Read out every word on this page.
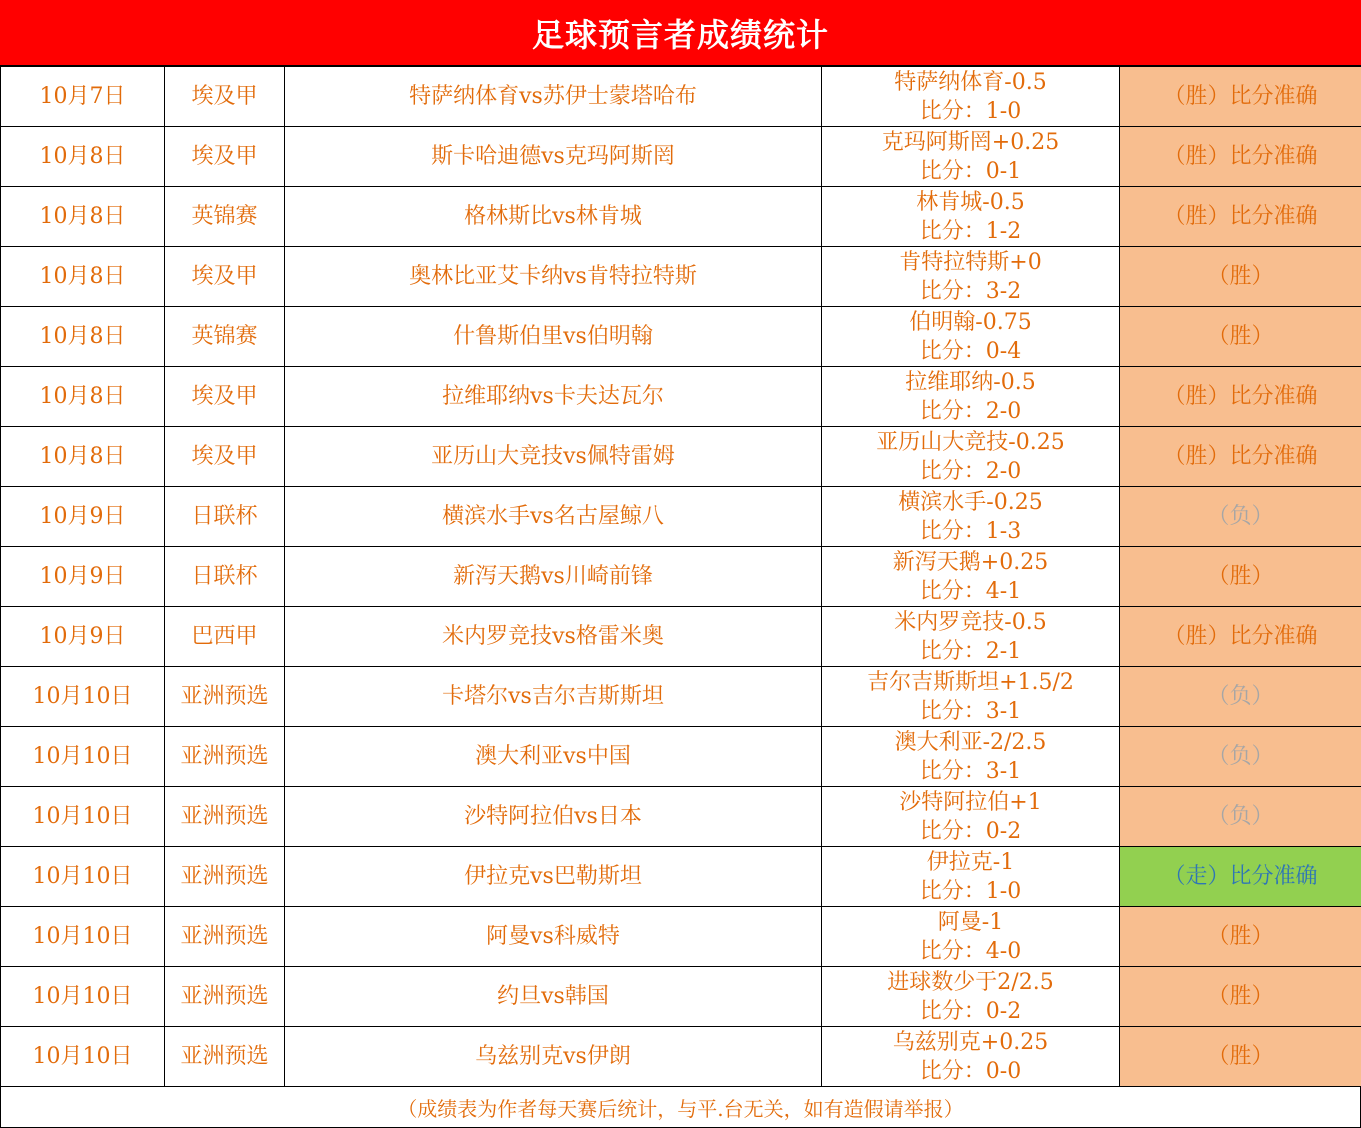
足球预言者成绩统计
10月7日	埃及甲	特萨纳体育vs苏伊士蒙塔哈布	特萨纳体育-0.5
比分：1-0	（胜）比分准确
10月8日	埃及甲	斯卡哈迪德vs克玛阿斯罔	克玛阿斯罔+0.25
比分：0-1	（胜）比分准确
10月8日	英锦赛	格林斯比vs林肯城	林肯城-0.5
比分：1-2	（胜）比分准确
10月8日	埃及甲	奥林比亚艾卡纳vs肯特拉特斯	肯特拉特斯+0
比分：3-2	（胜）
10月8日	英锦赛	什鲁斯伯里vs伯明翰	伯明翰-0.75
比分：0-4	（胜）
10月8日	埃及甲	拉维耶纳vs卡夫达瓦尔	拉维耶纳-0.5
比分：2-0	（胜）比分准确
10月8日	埃及甲	亚历山大竞技vs佩特雷姆	亚历山大竞技-0.25
比分：2-0	（胜）比分准确
10月9日	日联杯	横滨水手vs名古屋鲸八	横滨水手-0.25
比分：1-3	（负）
10月9日	日联杯	新泻天鹅vs川崎前锋	新泻天鹅+0.25
比分：4-1	（胜）
10月9日	巴西甲	米内罗竞技vs格雷米奥	米内罗竞技-0.5
比分：2-1	（胜）比分准确
10月10日	亚洲预选	卡塔尔vs吉尔吉斯斯坦	吉尔吉斯斯坦+1.5/2
比分：3-1	（负）
10月10日	亚洲预选	澳大利亚vs中国	澳大利亚-2/2.5
比分：3-1	（负）
10月10日	亚洲预选	沙特阿拉伯vs日本	沙特阿拉伯+1
比分：0-2	（负）
10月10日	亚洲预选	伊拉克vs巴勒斯坦	伊拉克-1
比分：1-0	（走）比分准确
10月10日	亚洲预选	阿曼vs科威特	阿曼-1
比分：4-0	（胜）
10月10日	亚洲预选	约旦vs韩国	进球数少于2/2.5
比分：0-2	（胜）
10月10日	亚洲预选	乌兹别克vs伊朗	乌兹别克+0.25
比分：0-0	（胜）
（成绩表为作者每天赛后统计，与平.台无关，如有造假请举报）
